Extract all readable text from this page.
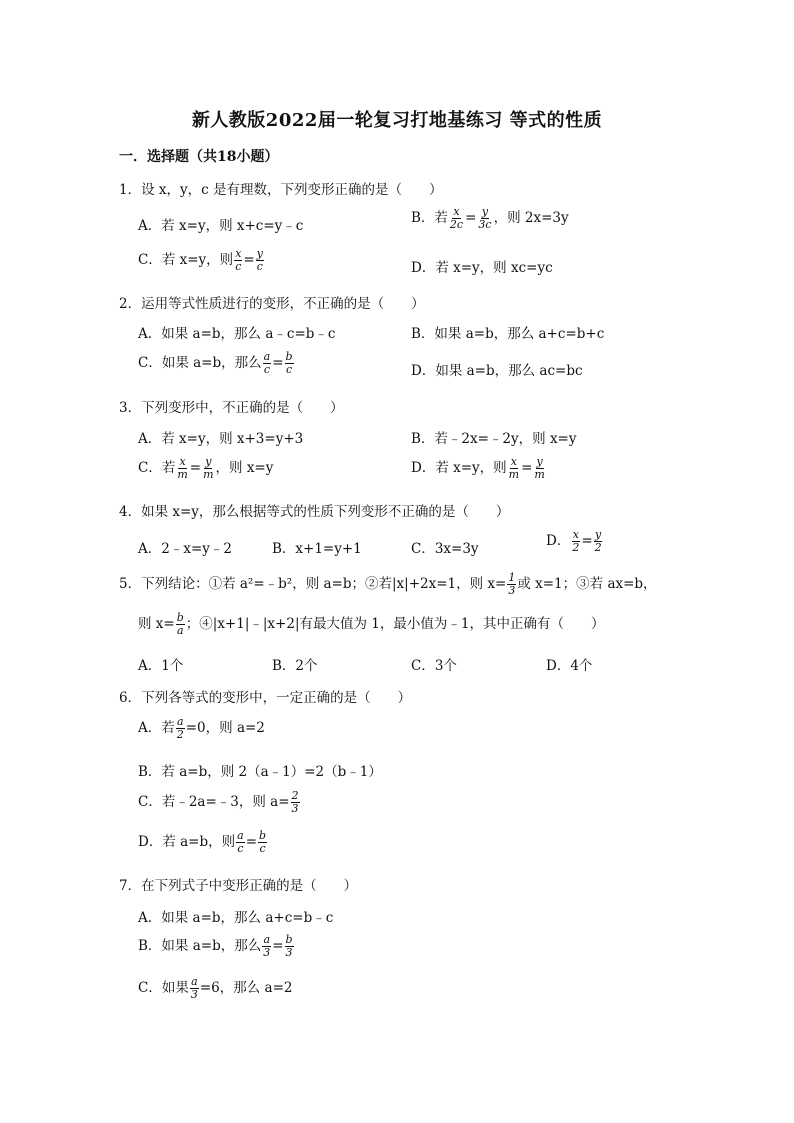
新人教版2022届一轮复习打地基练习 等式的性质
一．选择题（共18小题）
1．设 x，y，c 是有理数，下列变形正确的是（　　）
A．若 x=y，则 x+c=y﹣c	B．若 $\frac{x}{2c} = \frac{y}{3c}$ ，则 2x=3y
C．若 x=y，则 $\frac{x}{c} = \frac{y}{c}$	D．若 x=y，则 xc=yc
2．运用等式性质进行的变形，不正确的是（　　）
A．如果 a=b，那么 a﹣c=b﹣c	B．如果 a=b，那么 a+c=b+c
C．如果 a=b，那么 $\frac{a}{c} = \frac{b}{c}$	D．如果 a=b，那么 ac=bc
3．下列变形中，不正确的是（　　）
A．若 x=y，则 x+3=y+3	B．若﹣2x=﹣2y，则 x=y
C．若 $\frac{x}{m} = \frac{y}{m}$ ，则 x=y	D．若 x=y，则 $\frac{x}{m} = \frac{y}{m}$
4．如果 x=y，那么根据等式的性质下列变形不正确的是（　　）
A．2﹣x=y﹣2	B．x+1=y+1	C．3x=3y	D． $\frac{x}{2} = \frac{y}{2}$
5．下列结论：①若 a²=﹣b²，则 a=b；②若|x|+2x=1，则 $x= \frac{1}{3}$ 或 x=1；③若 ax=b，
则 $x= \frac{b}{a}$ ；④|x+1|﹣|x+2|有最大值为 1，最小值为﹣1，其中正确有（　　）
A．1个	B．2个	C．3个	D．4个
6．下列各等式的变形中，一定正确的是（　　）
A．若 $\frac{a}{2} =0$，则 a=2
B．若 a=b，则 2（a﹣1）=2（b﹣1）
C．若﹣2a=﹣3，则 $a= \frac{2}{3}$
D．若 a=b，则 $\frac{a}{c} = \frac{b}{c}$
7．在下列式子中变形正确的是（　　）
A．如果 a=b，那么 a+c=b﹣c
B．如果 a=b，那么 $\frac{a}{3} = \frac{b}{3}$
C．如果 $\frac{a}{3} =6$，那么 a=2
